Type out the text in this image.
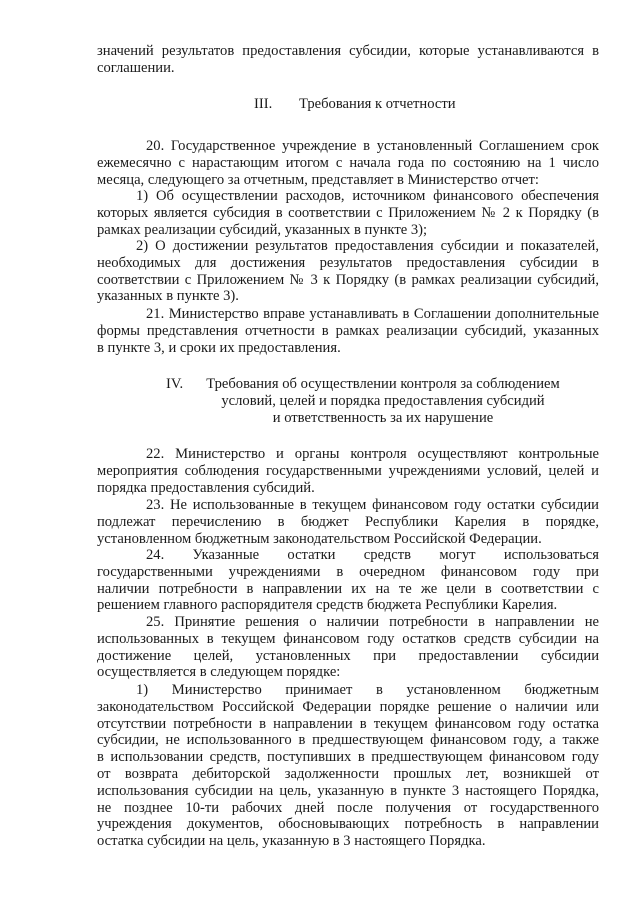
значений результатов предоставления субсидии, которые устанавливаются в
соглашении.
III. Требования к отчетности
20. Государственное учреждение в установленный Соглашением срок
ежемесячно с нарастающим итогом с начала года по состоянию на 1 число
месяца, следующего за отчетным, представляет в Министерство отчет:
1) Об осуществлении расходов, источником финансового обеспечения
которых является субсидия в соответствии с Приложением № 2 к Порядку (в
рамках реализации субсидий, указанных в пункте 3);
2) О достижении результатов предоставления субсидии и показателей,
необходимых для достижения результатов предоставления субсидии в
соответствии с Приложением № 3 к Порядку (в рамках реализации субсидий,
указанных в пункте 3).
21. Министерство вправе устанавливать в Соглашении дополнительные
формы представления отчетности в рамках реализации субсидий, указанных
в пункте 3, и сроки их предоставления.
IV.	Требования об осуществлении контроля за соблюдением
условий, целей и порядка предоставления субсидий
и ответственность за их нарушение
22. Министерство и органы контроля осуществляют контрольные
мероприятия соблюдения государственными учреждениями условий, целей и
порядка предоставления субсидий.
23. Не использованные в текущем финансовом году остатки субсидии
подлежат перечислению в бюджет Республики Карелия в порядке,
установленном бюджетным законодательством Российской Федерации.
24. Указанные остатки средств могут использоваться
государственными учреждениями в очередном финансовом году при
наличии потребности в направлении их на те же цели в соответствии с
решением главного распорядителя средств бюджета Республики Карелия.
25. Принятие решения о наличии потребности в направлении не
использованных в текущем финансовом году остатков средств субсидии на
достижение целей, установленных при предоставлении субсидии
осуществляется в следующем порядке:
1) Министерство принимает в установленном бюджетным
законодательством Российской Федерации порядке решение о наличии или
отсутствии потребности в направлении в текущем финансовом году остатка
субсидии, не использованного в предшествующем финансовом году, а также
в использовании средств, поступивших в предшествующем финансовом году
от возврата дебиторской задолженности прошлых лет, возникшей от
использования субсидии на цель, указанную в пункте 3 настоящего Порядка,
не позднее 10-ти рабочих дней после получения от государственного
учреждения документов, обосновывающих потребность в направлении
остатка субсидии на цель, указанную в 3 настоящего Порядка.
